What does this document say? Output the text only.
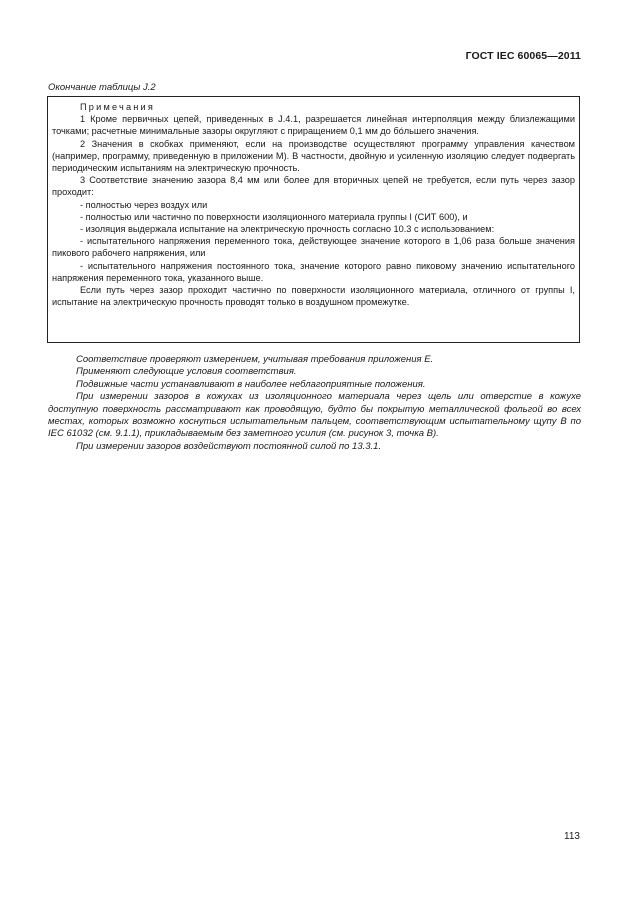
ГОСТ IEC 60065—2011
Окончание таблицы J.2
Примечания
1 Кроме первичных цепей, приведенных в J.4.1, разрешается линейная интерполяция между близлежащими точками; расчетные минимальные зазоры округляют с приращением 0,1 мм до бóльшего значения.
2 Значения в скобках применяют, если на производстве осуществляют программу управления качеством (например, программу, приведенную в приложении М). В частности, двойную и усиленную изоляцию следует подвергать периодическим испытаниям на электрическую прочность.
3 Соответствие значению зазора 8,4 мм или более для вторичных цепей не требуется, если путь через зазор проходит:
- полностью через воздух или
- полностью или частично по поверхности изоляционного материала группы I (СИТ 600), и
- изоляция выдержала испытание на электрическую прочность согласно 10.3 с использованием:
- испытательного напряжения переменного тока, действующее значение которого в 1,06 раза больше значения пикового рабочего напряжения, или
- испытательного напряжения постоянного тока, значение которого равно пиковому значению испытательного напряжения переменного тока, указанного выше.
Если путь через зазор проходит частично по поверхности изоляционного материала, отличного от группы I, испытание на электрическую прочность проводят только в воздушном промежутке.

Соответствие проверяют измерением, учитывая требования приложения Е.

Применяют следующие условия соответствия.

Подвижные части устанавливают в наиболее неблагоприятные положения.

При измерении зазоров в кожухах из изоляционного материала через щель или отверстие в кожухе доступную поверхность рассматривают как проводящую, будто бы покрытую металлической фольгой во всех местах, которых возможно коснуться испытательным пальцем, соответствующим испытательному щупу В по IEC 61032 (см. 9.1.1), прикладываемым без заметного усилия (см. рисунок 3, точка В).

При измерении зазоров воздействуют постоянной силой по 13.3.1.

113
